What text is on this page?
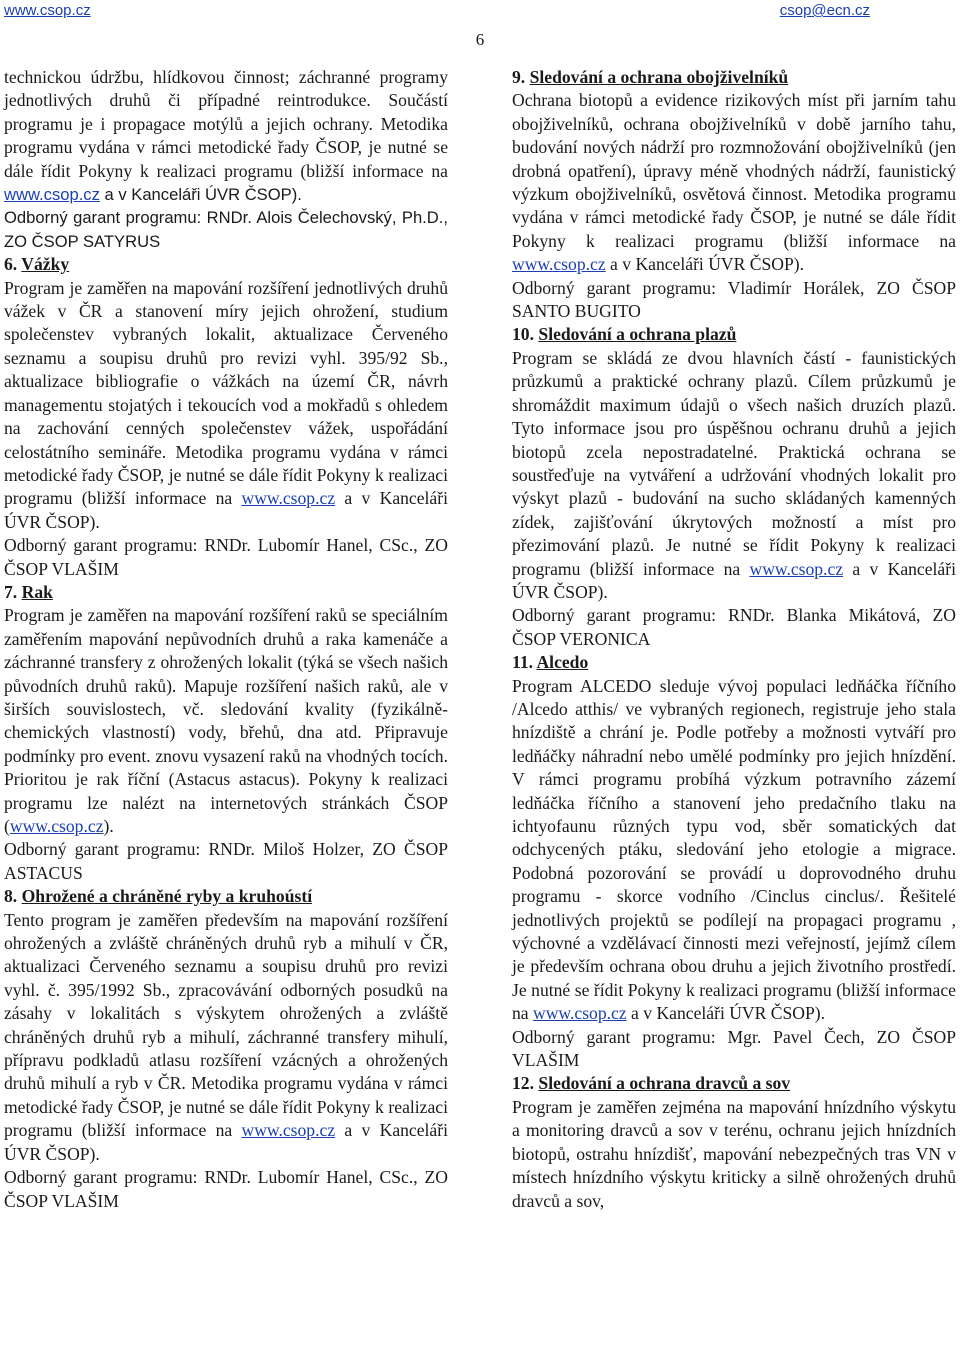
www.csop.cz	csop@ecn.cz
6

technickou údržbu, hlídkovou činnost; záchranné programy jednotlivých druhů či případné reintrodukce. Součástí programu je i propagace motýlů a jejich ochrany. Metodika programu vydána v rámci metodické řady ČSOP, je nutné se dále řídit Pokyny k realizaci programu (bližší informace na www.csop.cz a v Kanceláři ÚVR ČSOP).

Odborný garant programu: RNDr. Alois Čelechovský, Ph.D., ZO ČSOP SATYRUS

6. Vážky

Program je zaměřen na mapování rozšíření jednotlivých druhů vážek v ČR a stanovení míry jejich ohrožení, studium společenstev vybraných lokalit, aktualizace Červeného seznamu a soupisu druhů pro revizi vyhl. 395/92 Sb., aktualizace bibliografie o vážkách na území ČR, návrh managementu stojatých i tekoucích vod a mokřadů s ohledem na zachování cenných společenstev vážek, uspořádání celostátního semináře. Metodika programu vydána v rámci metodické řady ČSOP, je nutné se dále řídit Pokyny k realizaci programu (bližší informace na www.csop.cz a v Kanceláři ÚVR ČSOP).

Odborný garant programu: RNDr. Lubomír Hanel, CSc., ZO ČSOP VLAŠIM

7. Rak

Program je zaměřen na mapování rozšíření raků se speciálním zaměřením mapování nepůvodních druhů a raka kamenáče a záchranné transfery z ohrožených lokalit (týká se všech našich původních druhů raků). Mapuje rozšíření našich raků, ale v širších souvislostech, vč. sledování kvality (fyzikálně-chemických vlastností) vody, břehů, dna atd. Připravuje podmínky pro event. znovu vysazení raků na vhodných tocích. Prioritou je rak říční (Astacus astacus). Pokyny k realizaci programu lze nalézt na internetových stránkách ČSOP (www.csop.cz).

Odborný garant programu: RNDr. Miloš Holzer, ZO ČSOP ASTACUS

8. Ohrožené a chráněné ryby a kruhoústí

Tento program je zaměřen především na mapování rozšíření ohrožených a zvláště chráněných druhů ryb a mihulí v ČR, aktualizaci Červeného seznamu a soupisu druhů pro revizi vyhl. č. 395/1992 Sb., zpracovávání odborných posudků na zásahy v lokalitách s výskytem ohrožených a zvláště chráněných druhů ryb a mihulí, záchranné transfery mihulí, přípravu podkladů atlasu rozšíření vzácných a ohrožených druhů mihulí a ryb v ČR. Metodika programu vydána v rámci metodické řady ČSOP, je nutné se dále řídit Pokyny k realizaci programu (bližší informace na www.csop.cz a v Kanceláři ÚVR ČSOP).

Odborný garant programu: RNDr. Lubomír Hanel, CSc., ZO ČSOP VLAŠIM

9. Sledování a ochrana obojživelníků

Ochrana biotopů a evidence rizikových míst při jarním tahu obojživelníků, ochrana obojživelníků v době jarního tahu, budování nových nádrží pro rozmnožování obojživelníků (jen drobná opatření), úpravy méně vhodných nádrží, faunistický výzkum obojživelníků, osvětová činnost. Metodika programu vydána v rámci metodické řady ČSOP, je nutné se dále řídit Pokyny k realizaci programu (bližší informace na www.csop.cz a v Kanceláři ÚVR ČSOP).

Odborný garant programu: Vladimír Horálek, ZO ČSOP SANTO BUGITO

10. Sledování a ochrana plazů

Program se skládá ze dvou hlavních částí - faunistických průzkumů a praktické ochrany plazů. Cílem průzkumů je shromáždit maximum údajů o všech našich druzích plazů. Tyto informace jsou pro úspěšnou ochranu druhů a jejich biotopů zcela nepostradatelné. Praktická ochrana se soustřeďuje na vytváření a udržování vhodných lokalit pro výskyt plazů - budování na sucho skládaných kamenných zídek, zajišťování úkrytových možností a míst pro přezimování plazů. Je nutné se řídit Pokyny k realizaci programu (bližší informace na www.csop.cz a v Kanceláři ÚVR ČSOP).

Odborný garant programu: RNDr. Blanka Mikátová, ZO ČSOP VERONICA

11. Alcedo

Program ALCEDO sleduje vývoj populaci ledňáčka říčního /Alcedo atthis/ ve vybraných regionech, registruje jeho stala hnízdiště a chrání je. Podle potřeby a možnosti vytváří pro ledňáčky náhradní nebo umělé podmínky pro jejich hnízdění. V rámci programu probíhá výzkum potravního zázemí ledňáčka říčního a stanovení jeho predačního tlaku na ichtyofaunu různých typu vod, sběr somatických dat odchycených ptáku, sledování jeho etologie a migrace. Podobná pozorování se provádí u doprovodného druhu programu - skorce vodního /Cinclus cinclus/. Řešitelé jednotlivých projektů se podílejí na propagaci programu , výchovné a vzdělávací činnosti mezi veřejností, jejímž cílem je především ochrana obou druhu a jejich životního prostředí. Je nutné se řídit Pokyny k realizaci programu (bližší informace na www.csop.cz a v Kanceláři ÚVR ČSOP).

Odborný garant programu: Mgr. Pavel Čech, ZO ČSOP VLAŠIM

12. Sledování a ochrana dravců a sov

Program je zaměřen zejména na mapování hnízdního výskytu a monitoring dravců a sov v terénu, ochranu jejich hnízdních biotopů, ostrahu hnízdišť, mapování nebezpečných tras VN v místech hnízdního výskytu kriticky a silně ohrožených druhů dravců a sov,
